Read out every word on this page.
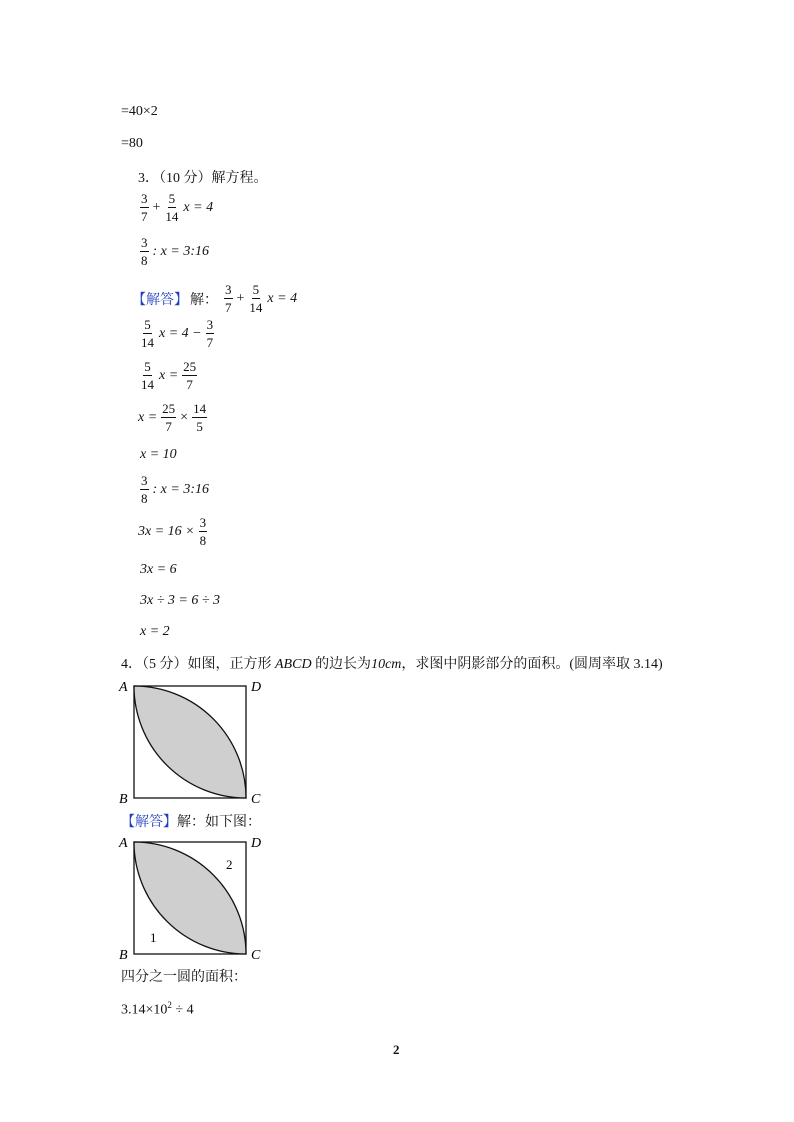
=40×2
=80
3．（10 分）解方程。
$\frac{3}{7} + \frac{5}{14}$ x = 4
$\frac{3}{8}$ : x = 3:16
【解答】 解： $\frac{3}{7} + \frac{5}{14}$ x = 4
$\frac{5}{14}$ $x = 4 - \frac{3}{7}$
$\frac{5}{14}$ $x = \frac{25}{7}$
$x = \frac{25}{7} \times \frac{14}{5}$
x = 10
$\frac{3}{8}$ : x = 3:16
$3x = 16 \times \frac{3}{8}$
3x = 6
3x ÷ 3 = 6 ÷ 3
x = 2
4．（5 分）如图，正方形 ABCD 的边长为10cm，求图中阴影部分的面积。(圆周率取 3.14)
A	D
B	C
【解答】解：如下图：
A	D
B	C
2
1
四分之一圆的面积：
$3.14\times 10^2 \div 4$
2
